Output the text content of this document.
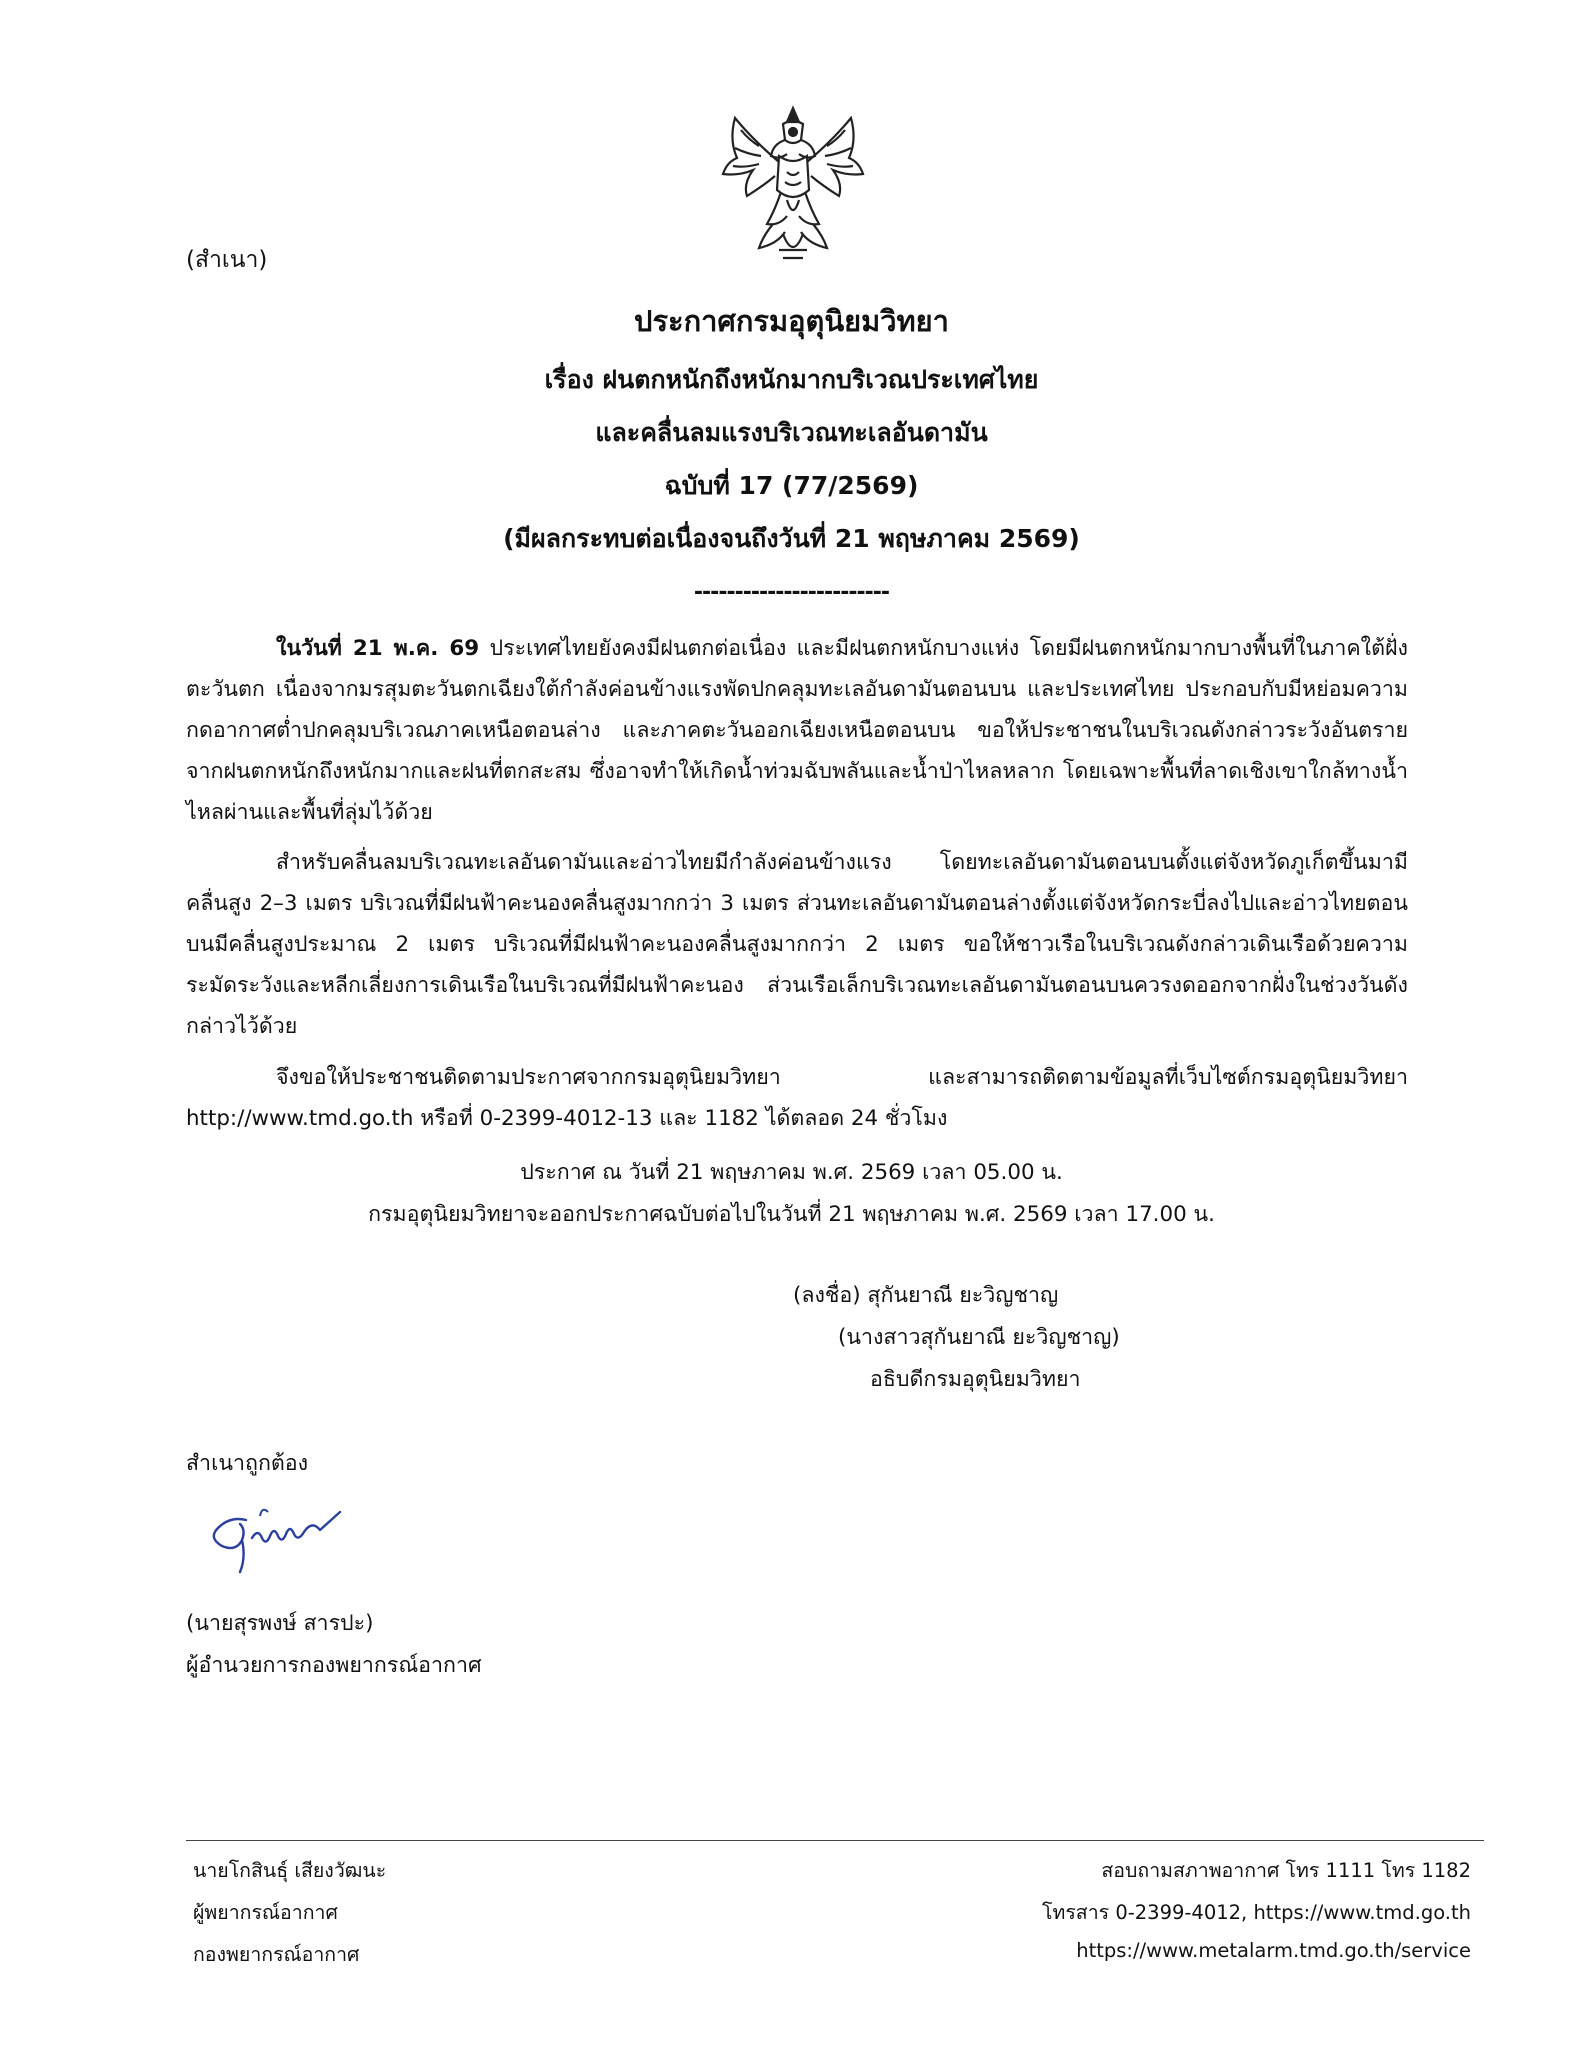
(สำเนา)
ประกาศกรมอุตุนิยมวิทยา
เรื่อง ฝนตกหนักถึงหนักมากบริเวณประเทศไทย
และคลื่นลมแรงบริเวณทะเลอันดามัน
ฉบับที่ 17 (77/2569)
(มีผลกระทบต่อเนื่องจนถึงวันที่ 21 พฤษภาคม 2569)
------------------------

ในวันที่ 21 พ.ค. 69 ประเทศไทยยังคงมีฝนตกต่อเนื่อง และมีฝนตกหนักบางแห่ง โดยมีฝนตกหนักมากบางพื้นที่ในภาคใต้ฝั่งตะวันตก เนื่องจากมรสุมตะวันตกเฉียงใต้กำลังค่อนข้างแรงพัดปกคลุมทะเลอันดามันตอนบน และประเทศไทย ประกอบกับมีหย่อมความกดอากาศต่ำปกคลุมบริเวณภาคเหนือตอนล่าง และภาคตะวันออกเฉียงเหนือตอนบน ขอให้ประชาชนในบริเวณดังกล่าวระวังอันตรายจากฝนตกหนักถึงหนักมากและฝนที่ตกสะสม ซึ่งอาจทำให้เกิดน้ำท่วมฉับพลันและน้ำป่าไหลหลาก โดยเฉพาะพื้นที่ลาดเชิงเขาใกล้ทางน้ำไหลผ่านและพื้นที่ลุ่มไว้ด้วย

สำหรับคลื่นลมบริเวณทะเลอันดามันและอ่าวไทยมีกำลังค่อนข้างแรง โดยทะเลอันดามันตอนบนตั้งแต่จังหวัดภูเก็ตขึ้นมามีคลื่นสูง 2–3 เมตร บริเวณที่มีฝนฟ้าคะนองคลื่นสูงมากกว่า 3 เมตร ส่วนทะเลอันดามันตอนล่างตั้งแต่จังหวัดกระบี่ลงไปและอ่าวไทยตอนบนมีคลื่นสูงประมาณ 2 เมตร บริเวณที่มีฝนฟ้าคะนองคลื่นสูงมากกว่า 2 เมตร ขอให้ชาวเรือในบริเวณดังกล่าวเดินเรือด้วยความระมัดระวังและหลีกเลี่ยงการเดินเรือในบริเวณที่มีฝนฟ้าคะนอง ส่วนเรือเล็กบริเวณทะเลอันดามันตอนบนควรงดออกจากฝั่งในช่วงวันดังกล่าวไว้ด้วย

จึงขอให้ประชาชนติดตามประกาศจากกรมอุตุนิยมวิทยา และสามารถติดตามข้อมูลที่เว็บไซต์กรมอุตุนิยมวิทยา http://www.tmd.go.th หรือที่ 0-2399-4012-13 และ 1182 ได้ตลอด 24 ชั่วโมง

ประกาศ ณ วันที่ 21 พฤษภาคม พ.ศ. 2569 เวลา 05.00 น.
กรมอุตุนิยมวิทยาจะออกประกาศฉบับต่อไปในวันที่ 21 พฤษภาคม พ.ศ. 2569 เวลา 17.00 น.
(ลงชื่อ) สุกันยาณี ยะวิญชาญ
(นางสาวสุกันยาณี ยะวิญชาญ)
อธิบดีกรมอุตุนิยมวิทยา
สำเนาถูกต้อง
(นายสุรพงษ์ สารปะ)
ผู้อำนวยการกองพยากรณ์อากาศ
นายโกสินธุ์ เสียงวัฒนะ
ผู้พยากรณ์อากาศ
กองพยากรณ์อากาศ
สอบถามสภาพอากาศ โทร 1111 โทร 1182
โทรสาร 0-2399-4012, https://www.tmd.go.th
https://www.metalarm.tmd.go.th/service
